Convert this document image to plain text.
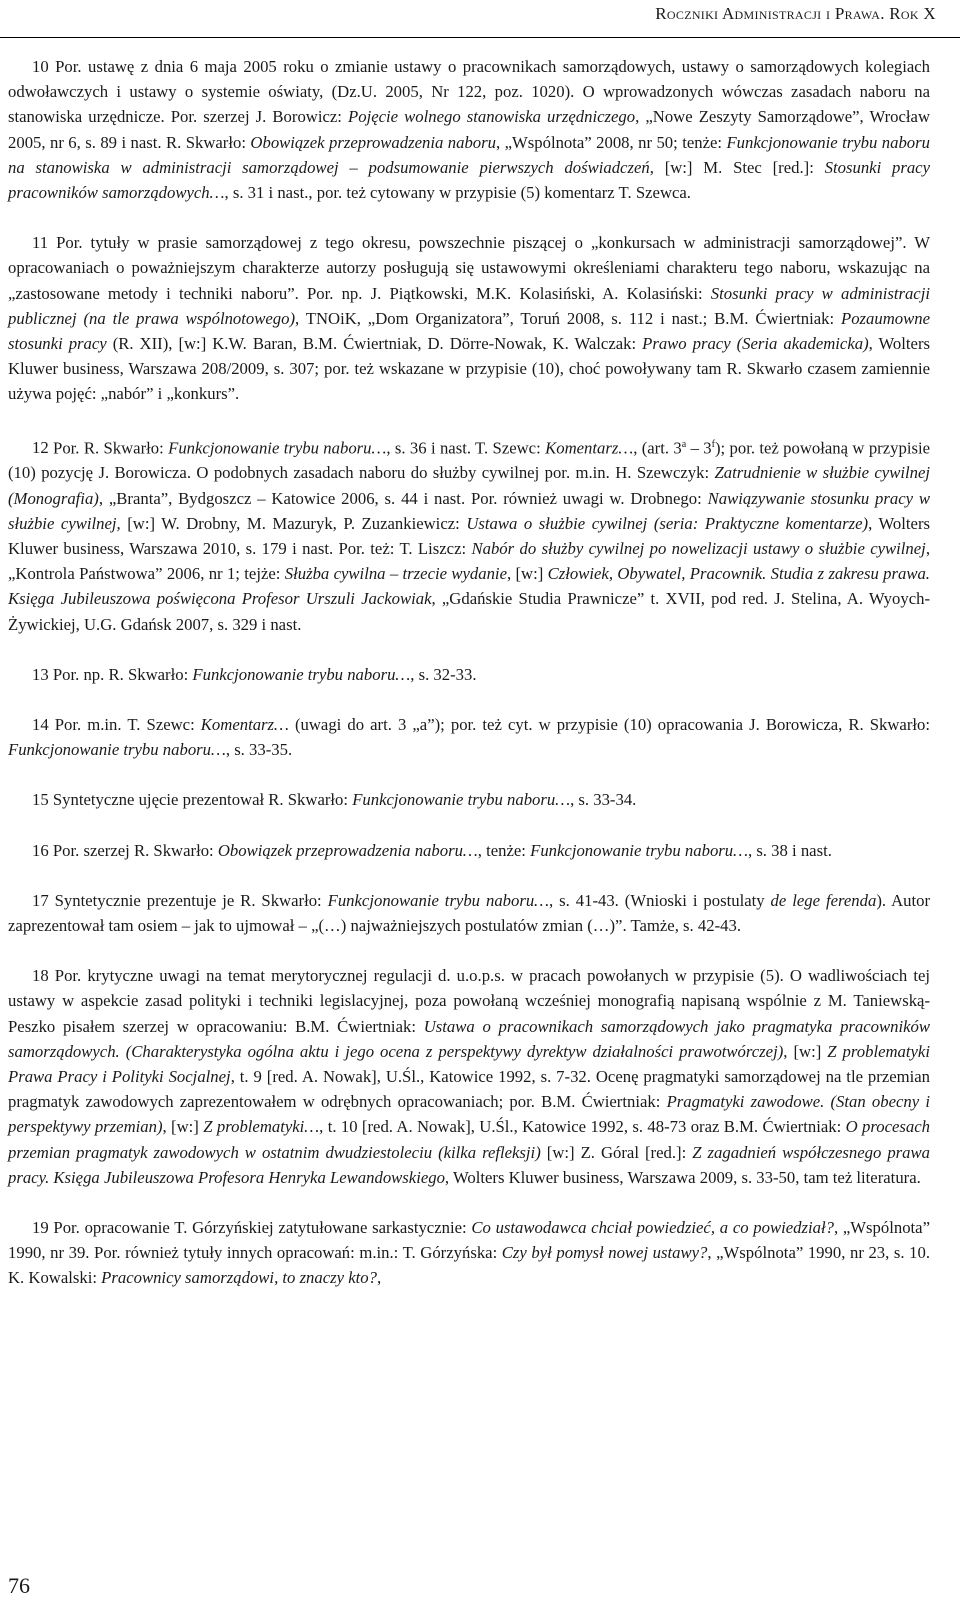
Roczniki Administracji i Prawa. Rok X

10 Por. ustawę z dnia 6 maja 2005 roku o zmianie ustawy o pracownikach samorządowych, ustawy o samorządowych kolegiach odwoławczych i ustawy o systemie oświaty, (Dz.U. 2005, Nr 122, poz. 1020). O wprowadzonych wówczas zasadach naboru na stanowiska urzędnicze. Por. szerzej J. Borowicz: Pojęcie wolnego stanowiska urzędniczego, „Nowe Zeszyty Samorządowe”, Wrocław 2005, nr 6, s. 89 i nast. R. Skwarło: Obowiązek przeprowadzenia naboru, „Wspólnota” 2008, nr 50; tenże: Funkcjonowanie trybu naboru na stanowiska w administracji samorządowej – podsumowanie pierwszych doświadczeń, [w:] M. Stec [red.]: Stosunki pracy pracowników samorządowych…, s. 31 i nast., por. też cytowany w przypisie (5) komentarz T. Szewca.

11 Por. tytuły w prasie samorządowej z tego okresu, powszechnie piszącej o „konkursach w administracji samorządowej”. W opracowaniach o poważniejszym charakterze autorzy posługują się ustawowymi określeniami charakteru tego naboru, wskazując na „zastosowane metody i techniki naboru”. Por. np. J. Piątkowski, M.K. Kolasiński, A. Kolasiński: Stosunki pracy w administracji publicznej (na tle prawa wspólnotowego), TNOiK, „Dom Organizatora”, Toruń 2008, s. 112 i nast.; B.M. Ćwiertniak: Pozaumowne stosunki pracy (R. XII), [w:] K.W. Baran, B.M. Ćwiertniak, D. Dörre-Nowak, K. Walczak: Prawo pracy (Seria akademicka), Wolters Kluwer business, Warszawa 208/2009, s. 307; por. też wskazane w przypisie (10), choć powoływany tam R. Skwarło czasem zamiennie używa pojęć: „nabór” i „konkurs”.

12 Por. R. Skwarło: Funkcjonowanie trybu naboru…, s. 36 i nast. T. Szewc: Komentarz…, (art. 3$^a$ – 3$^f$); por. też powołaną w przypisie (10) pozycję J. Borowicza. O podobnych zasadach naboru do służby cywilnej por. m.in. H. Szewczyk: Zatrudnienie w służbie cywilnej (Monografia), „Branta”, Bydgoszcz – Katowice 2006, s. 44 i nast. Por. również uwagi w. Drobnego: Nawiązywanie stosunku pracy w służbie cywilnej, [w:] W. Drobny, M. Mazuryk, P. Zuzankiewicz: Ustawa o służbie cywilnej (seria: Praktyczne komentarze), Wolters Kluwer business, Warszawa 2010, s. 179 i nast. Por. też: T. Liszcz: Nabór do służby cywilnej po nowelizacji ustawy o służbie cywilnej, „Kontrola Państwowa” 2006, nr 1; tejże: Służba cywilna – trzecie wydanie, [w:] Człowiek, Obywatel, Pracownik. Studia z zakresu prawa. Księga Jubileuszowa poświęcona Profesor Urszuli Jackowiak, „Gdańskie Studia Prawnicze” t. XVII, pod red. J. Stelina, A. Wyoych-Żywickiej, U.G. Gdańsk 2007, s. 329 i nast.

13 Por. np. R. Skwarło: Funkcjonowanie trybu naboru…, s. 32-33.

14 Por. m.in. T. Szewc: Komentarz… (uwagi do art. 3 „a”); por. też cyt. w przypisie (10) opracowania J. Borowicza, R. Skwarło: Funkcjonowanie trybu naboru…, s. 33-35.

15 Syntetyczne ujęcie prezentował R. Skwarło: Funkcjonowanie trybu naboru…, s. 33-34.

16 Por. szerzej R. Skwarło: Obowiązek przeprowadzenia naboru…, tenże: Funkcjonowanie trybu naboru…, s. 38 i nast.

17 Syntetycznie prezentuje je R. Skwarło: Funkcjonowanie trybu naboru…, s. 41-43. (Wnioski i postulaty de lege ferenda). Autor zaprezentował tam osiem – jak to ujmował – „(…) najważniejszych postulatów zmian (…)”. Tamże, s. 42-43.

18 Por. krytyczne uwagi na temat merytorycznej regulacji d. u.o.p.s. w pracach powołanych w przypisie (5). O wadliwościach tej ustawy w aspekcie zasad polityki i techniki legislacyjnej, poza powołaną wcześniej monografią napisaną wspólnie z M. Taniewską-Peszko pisałem szerzej w opracowaniu: B.M. Ćwiertniak: Ustawa o pracownikach samorządowych jako pragmatyka pracowników samorządowych. (Charakterystyka ogólna aktu i jego ocena z perspektywy dyrektyw działalności prawotwórczej), [w:] Z problematyki Prawa Pracy i Polityki Socjalnej, t. 9 [red. A. Nowak], U.Śl., Katowice 1992, s. 7-32. Ocenę pragmatyki samorządowej na tle przemian pragmatyk zawodowych zaprezentowałem w odrębnych opracowaniach; por. B.M. Ćwiertniak: Pragmatyki zawodowe. (Stan obecny i perspektywy przemian), [w:] Z problematyki…, t. 10 [red. A. Nowak], U.Śl., Katowice 1992, s. 48-73 oraz B.M. Ćwiertniak: O procesach przemian pragmatyk zawodowych w ostatnim dwudziestoleciu (kilka refleksji) [w:] Z. Góral [red.]: Z zagadnień współczesnego prawa pracy. Księga Jubileuszowa Profesora Henryka Lewandowskiego, Wolters Kluwer business, Warszawa 2009, s. 33-50, tam też literatura.

19 Por. opracowanie T. Górzyńskiej zatytułowane sarkastycznie: Co ustawodawca chciał powiedzieć, a co powiedział?, „Wspólnota” 1990, nr 39. Por. również tytuły innych opracowań: m.in.: T. Górzyńska: Czy był pomysł nowej ustawy?, „Wspólnota” 1990, nr 23, s. 10. K. Kowalski: Pracownicy samorządowi, to znaczy kto?,

76
